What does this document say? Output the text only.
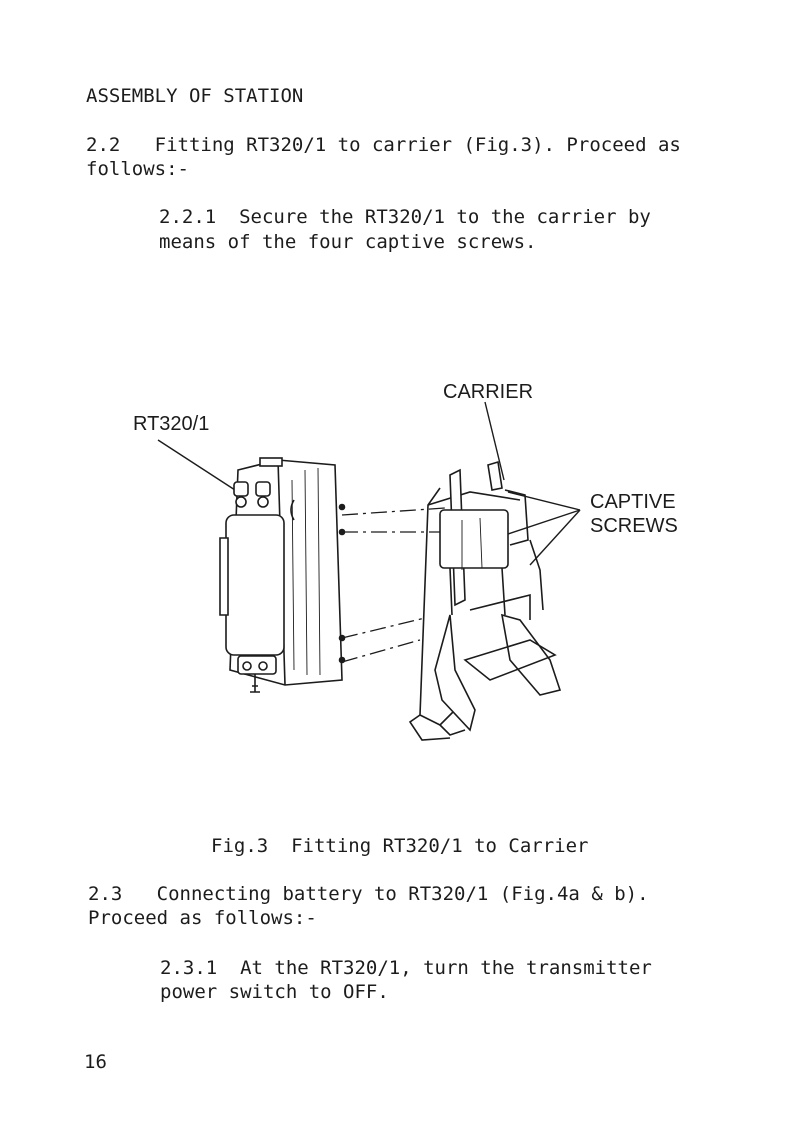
ASSEMBLY OF STATION
2.2   Fitting RT320/1 to carrier (Fig.3). Proceed as
follows:-
2.2.1  Secure the RT320/1 to the carrier by
means of the four captive screws.
RT320/1
CARRIER
CAPTIVE
SCREWS
Fig.3  Fitting RT320/1 to Carrier
2.3   Connecting battery to RT320/1 (Fig.4a & b).
Proceed as follows:-
2.3.1  At the RT320/1, turn the transmitter
power switch to OFF.
16
